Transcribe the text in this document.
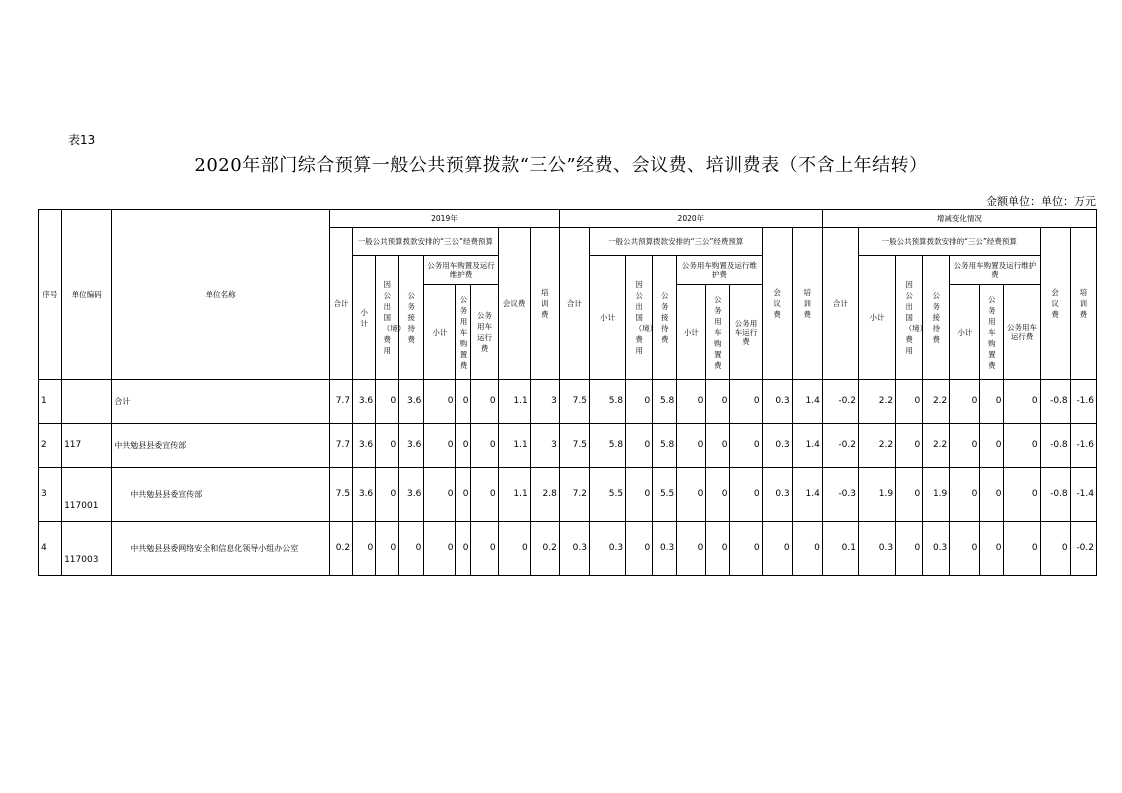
表13
2020年部门综合预算一般公共预算拨款“三公”经费、会议费、培训费表（不含上年结转）
金额单位：单位：万元
序号	单位编码	单位名称	2019年									2020年									增减变化情况								
			合计	一般公共预算拨款安排的“三公”经费预算						会议费	培训费	合计	一般公共预算拨款安排的“三公”经费预算						会议费	培训费	合计	一般公共预算拨款安排的“三公”经费预算						会议费	培训费
				小计	因公出国（境）费用	公务接待费	公务用车购置及运行维护费						小计	因公出国（境）费用	公务接待费	公务用车购置及运行维护费						小计	因公出国（境）费用	公务接待费	公务用车购置及运行维护费				
							小计	公务用车购置费	公务用车运行费							小计	公务用车购置费	公务用车运行费							小计	公务用车购置费	公务用车运行费		
1		合计	7.7	3.6	0	3.6	0	0	0	1.1	3	7.5	5.8	0	5.8	0	0	0	0.3	1.4	-0.2	2.2	0	2.2	0	0	0	-0.8	-1.6
2	117	中共勉县县委宣传部	7.7	3.6	0	3.6	0	0	0	1.1	3	7.5	5.8	0	5.8	0	0	0	0.3	1.4	-0.2	2.2	0	2.2	0	0	0	-0.8	-1.6
3	117001	中共勉县县委宣传部	7.5	3.6	0	3.6	0	0	0	1.1	2.8	7.2	5.5	0	5.5	0	0	0	0.3	1.4	-0.3	1.9	0	1.9	0	0	0	-0.8	-1.4
4	117003	中共勉县县委网络安全和信息化领导小组办公室	0.2	0	0	0	0	0	0	0	0.2	0.3	0.3	0	0.3	0	0	0	0	0	0.1	0.3	0	0.3	0	0	0	0	-0.2
